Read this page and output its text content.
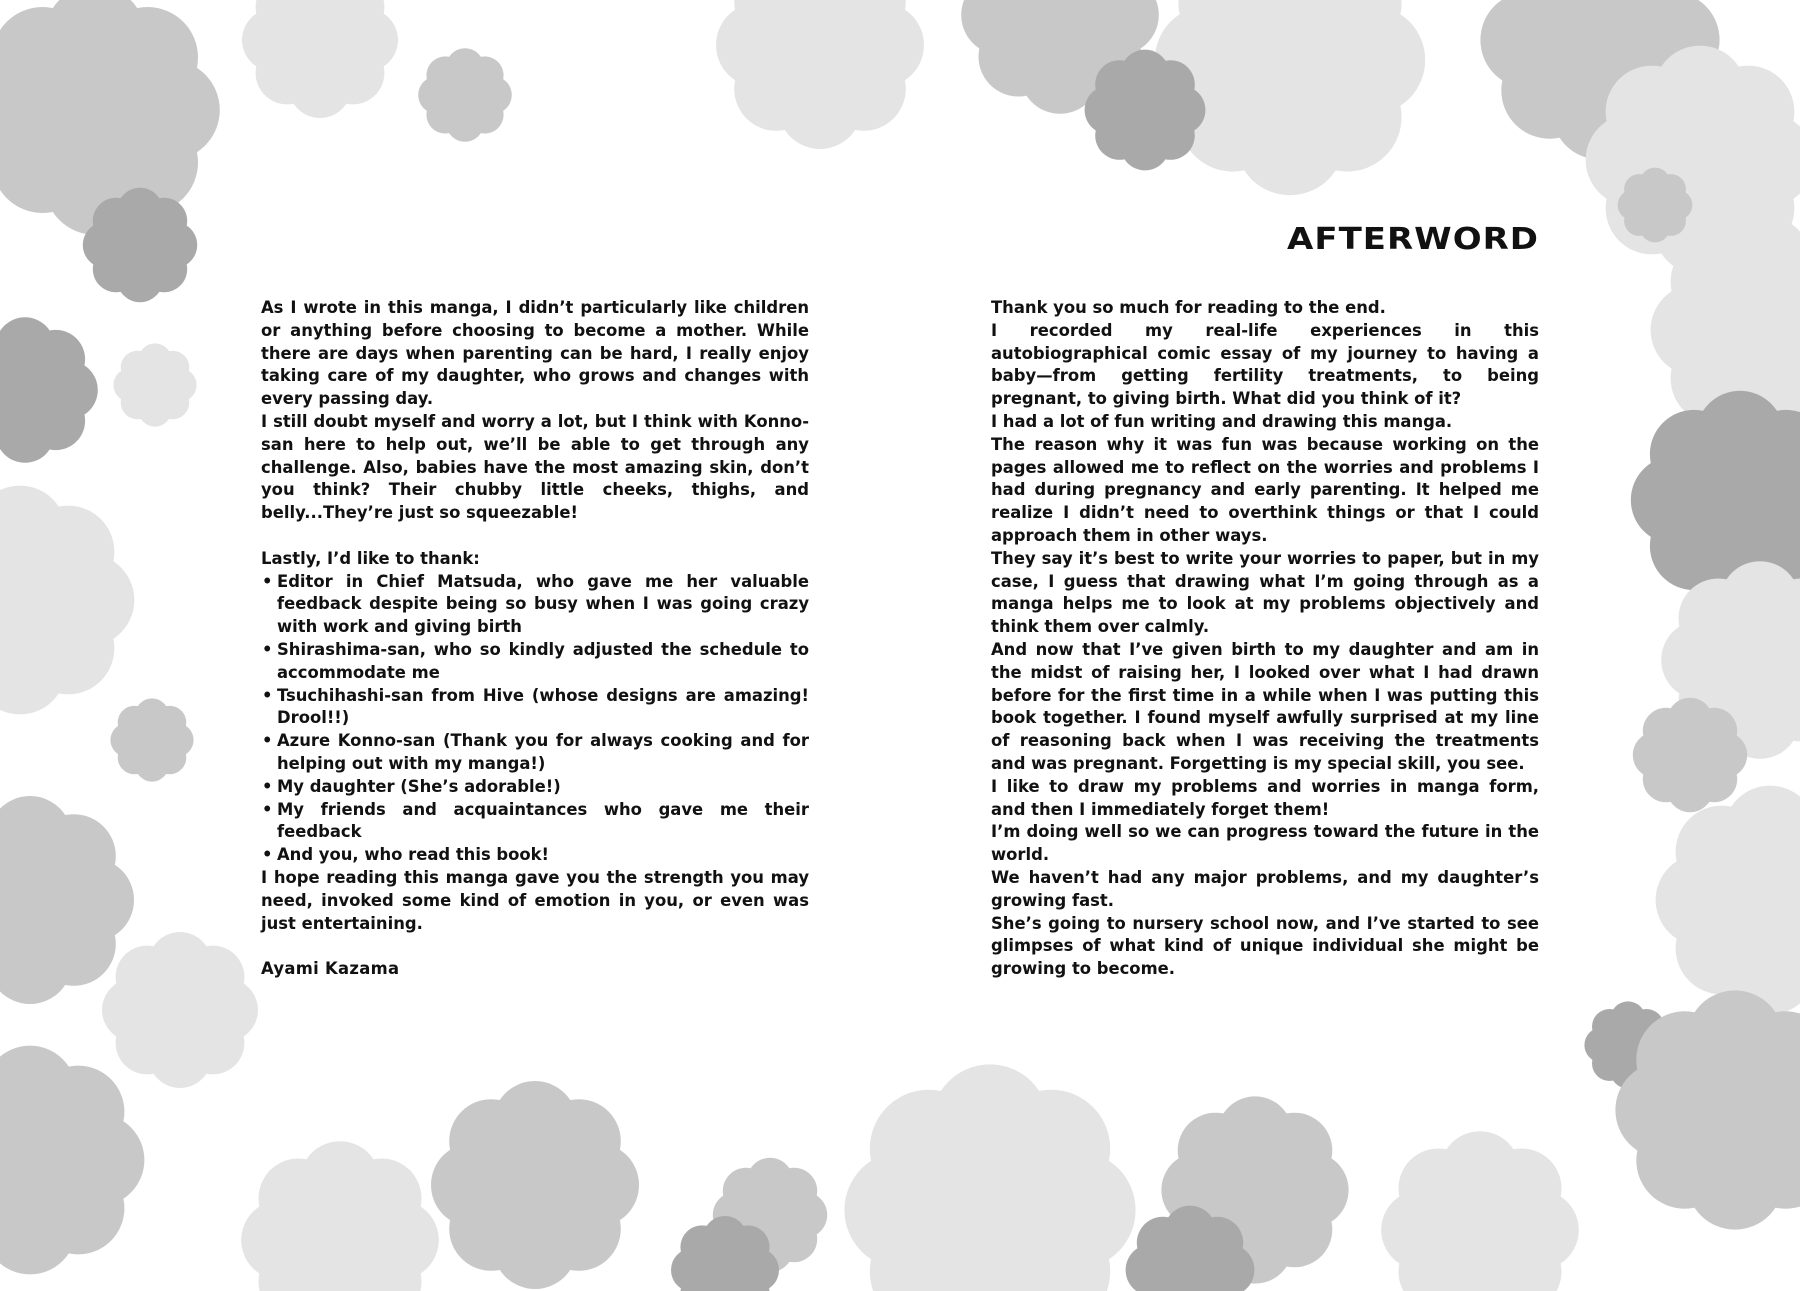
AFTERWORD

As I wrote in this manga, I didn’t particularly like children or anything before choosing to become a mother. While there are days when parenting can be hard, I really enjoy taking care of my daughter, who grows and changes with every passing day.

I still doubt myself and worry a lot, but I think with Konno-san here to help out, we’ll be able to get through any challenge. Also, babies have the most amazing skin, don’t you think? Their chubby little cheeks, thighs, and belly...They’re just so squeezable!

Lastly, I’d like to thank:

• Editor in Chief Matsuda, who gave me her valuable feedback despite being so busy when I was going crazy with work and giving birth
• Shirashima-san, who so kindly adjusted the schedule to accommodate me
• Tsuchihashi-san from Hive (whose designs are amazing! Drool!!)
• Azure Konno-san (Thank you for always cooking and for helping out with my manga!)
• My daughter (She’s adorable!)
• My friends and acquaintances who gave me their feedback
• And you, who read this book!

I hope reading this manga gave you the strength you may need, invoked some kind of emotion in you, or even was just entertaining.

Ayami Kazama

Thank you so much for reading to the end.

I recorded my real-life experiences in this autobiographical comic essay of my journey to having a baby—from getting fertility treatments, to being pregnant, to giving birth. What did you think of it?

I had a lot of fun writing and drawing this manga.

The reason why it was fun was because working on the pages allowed me to reflect on the worries and problems I had during pregnancy and early parenting. It helped me realize I didn’t need to overthink things or that I could approach them in other ways.

They say it’s best to write your worries to paper, but in my case, I guess that drawing what I’m going through as a manga helps me to look at my problems objectively and think them over calmly.

And now that I’ve given birth to my daughter and am in the midst of raising her, I looked over what I had drawn before for the first time in a while when I was putting this book together. I found myself awfully surprised at my line of reasoning back when I was receiving the treatments and was pregnant. Forgetting is my special skill, you see.

I like to draw my problems and worries in manga form, and then I immediately forget them!

I’m doing well so we can progress toward the future in the world.

We haven’t had any major problems, and my daughter’s growing fast.

She’s going to nursery school now, and I’ve started to see glimpses of what kind of unique individual she might be growing to become.
